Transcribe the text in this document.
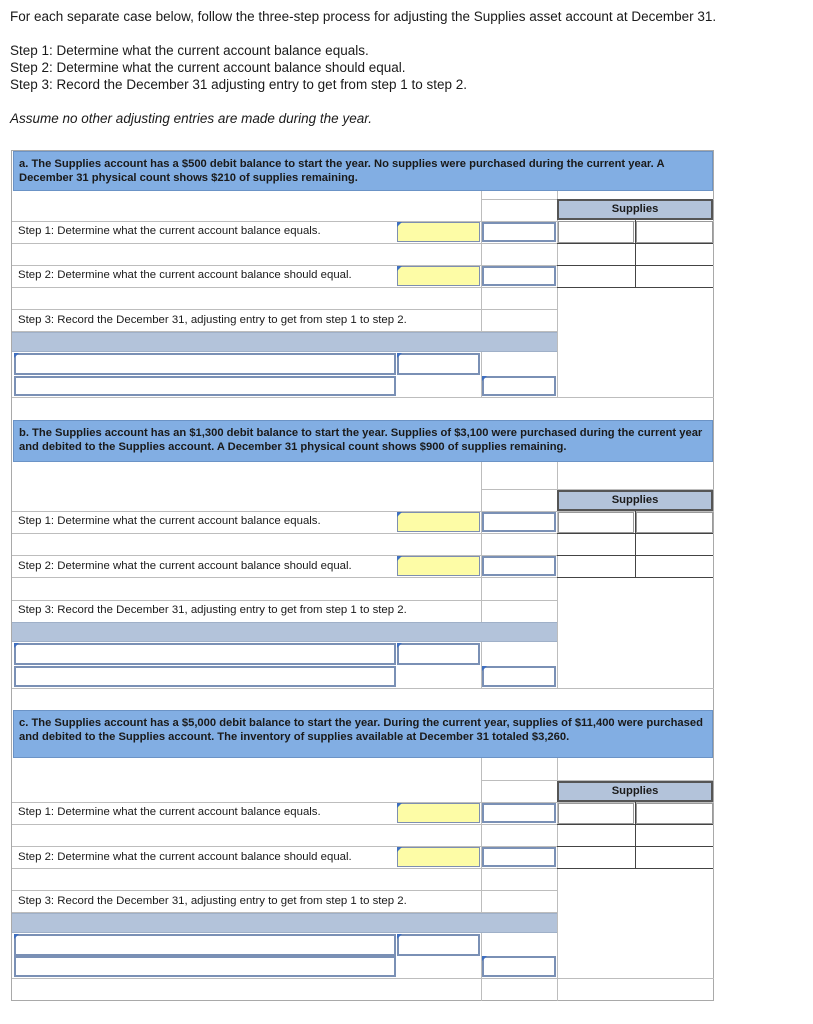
For each separate case below, follow the three-step process for adjusting the Supplies asset account at December 31.
Step 1: Determine what the current account balance equals.
Step 2: Determine what the current account balance should equal.
Step 3: Record the December 31 adjusting entry to get from step 1 to step 2.
Assume no other adjusting entries are made during the year.
a. The Supplies account has a $500 debit balance to start the year. No supplies were purchased during the current year. A December 31 physical count shows $210 of supplies remaining.
Supplies
Step 1: Determine what the current account balance equals.
Step 2: Determine what the current account balance should equal.
Step 3: Record the December 31, adjusting entry to get from step 1 to step 2.
b. The Supplies account has an $1,300 debit balance to start the year. Supplies of $3,100 were purchased during the current year and debited to the Supplies account. A December 31 physical count shows $900 of supplies remaining.
Supplies
Step 1: Determine what the current account balance equals.
Step 2: Determine what the current account balance should equal.
Step 3: Record the December 31, adjusting entry to get from step 1 to step 2.
c. The Supplies account has a $5,000 debit balance to start the year. During the current year, supplies of $11,400 were purchased and debited to the Supplies account. The inventory of supplies available at December 31 totaled $3,260.
Supplies
Step 1: Determine what the current account balance equals.
Step 2: Determine what the current account balance should equal.
Step 3: Record the December 31, adjusting entry to get from step 1 to step 2.
